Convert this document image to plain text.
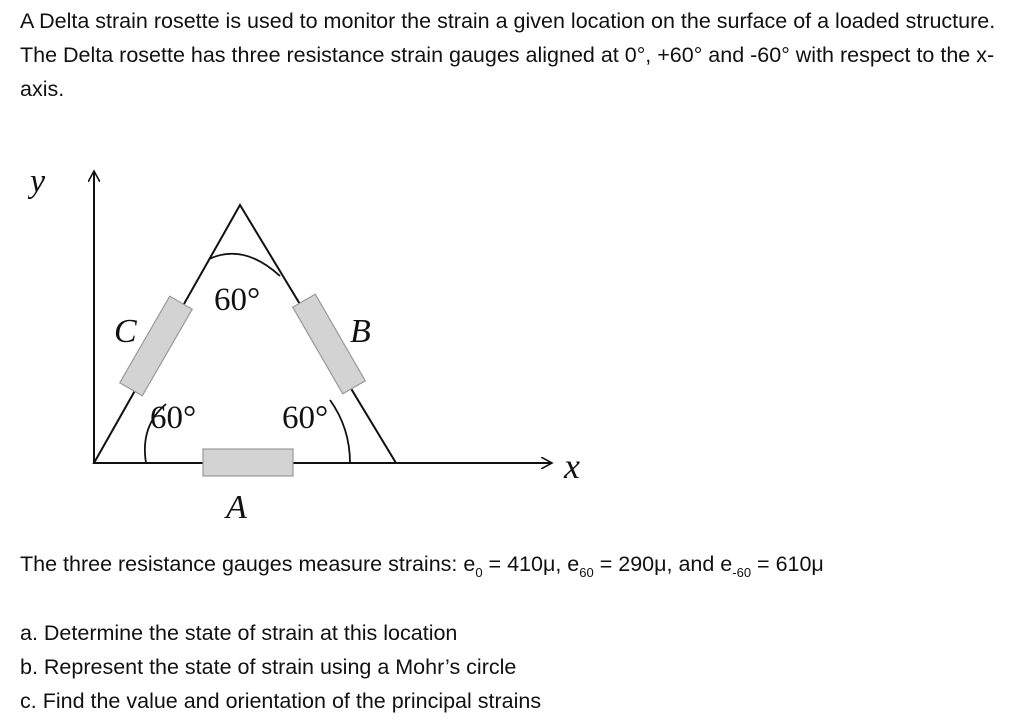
A Delta strain rosette is used to monitor the strain a given location on the surface of a loaded structure. The Delta rosette has three resistance strain gauges aligned at 0°, +60° and -60° with respect to the x-axis.

y
x
C	B
A
60°
60°	60°

The three resistance gauges measure strains: $e_0 = 410\mu$, $e_{60} = 290\mu$, and $e_{-60} = 610\mu$

a. Determine the state of strain at this location
b. Represent the state of strain using a Mohr’s circle
c. Find the value and orientation of the principal strains
